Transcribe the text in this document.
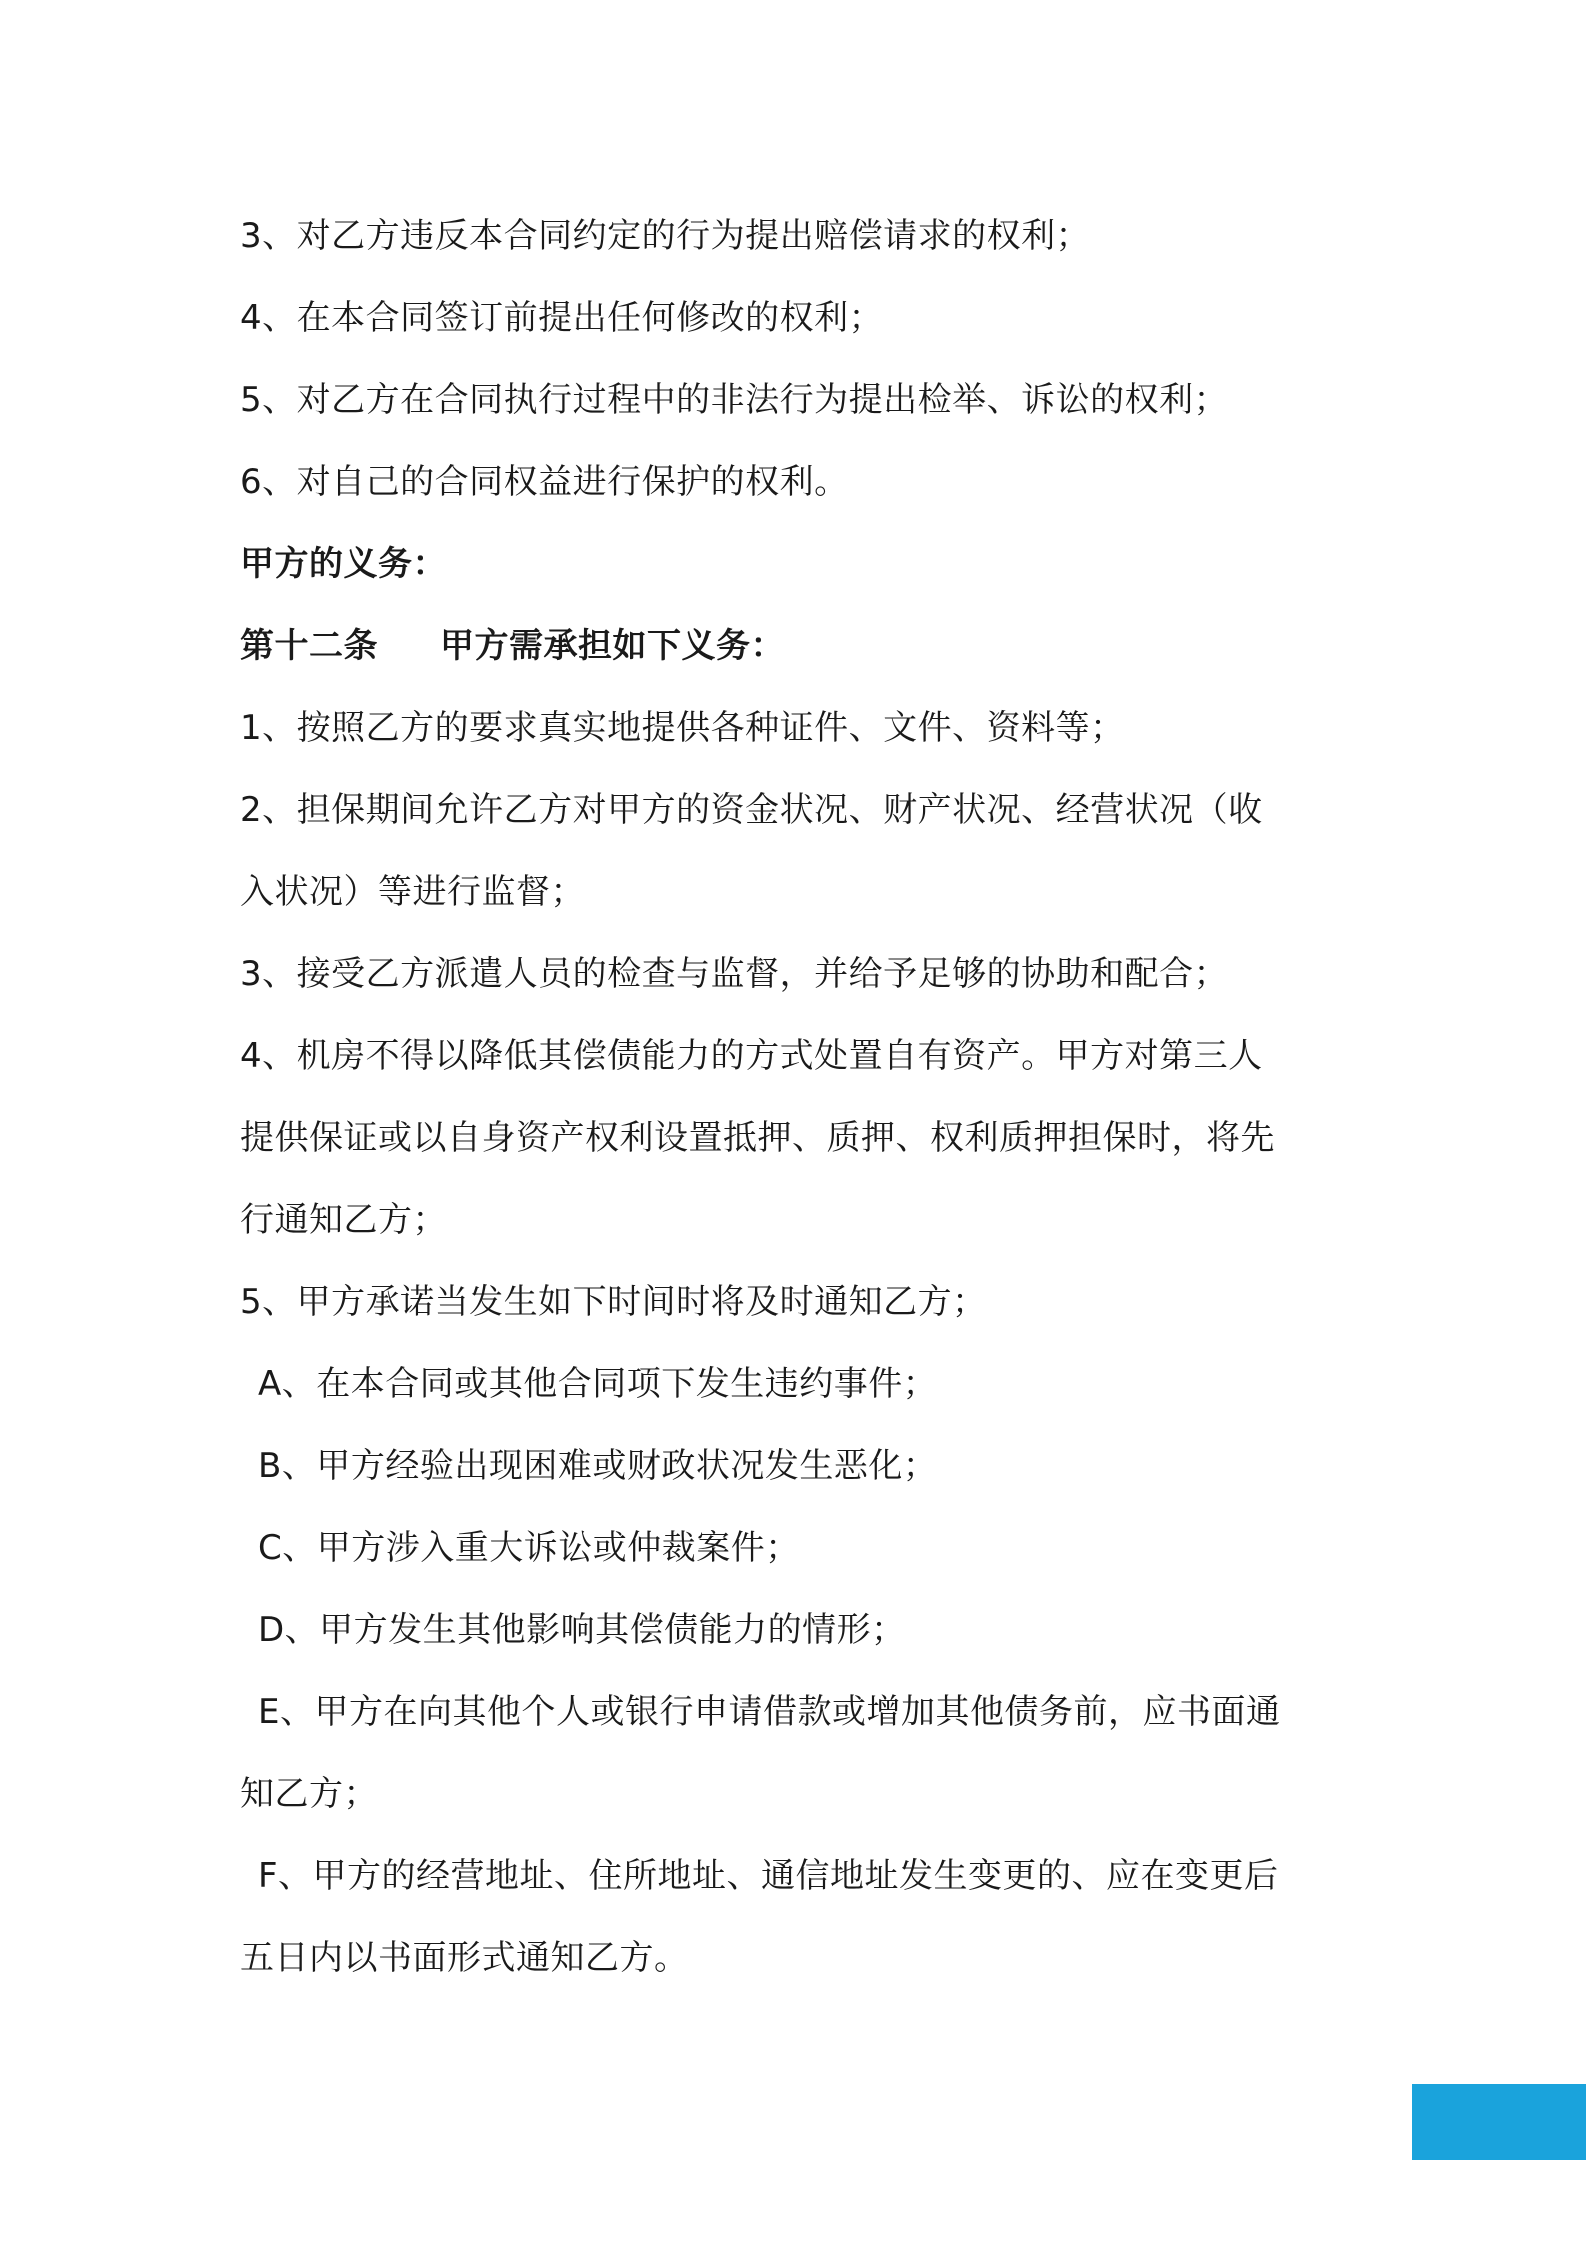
3、对乙方违反本合同约定的行为提出赔偿请求的权利；
4、在本合同签订前提出任何修改的权利；
5、对乙方在合同执行过程中的非法行为提出检举、诉讼的权利；
6、对自己的合同权益进行保护的权利。
甲方的义务：
第十二条 甲方需承担如下义务：
1、按照乙方的要求真实地提供各种证件、文件、资料等；
2、担保期间允许乙方对甲方的资金状况、财产状况、经营状况（收
入状况）等进行监督；
3、接受乙方派遣人员的检查与监督，并给予足够的协助和配合；
4、机房不得以降低其偿债能力的方式处置自有资产。甲方对第三人
提供保证或以自身资产权利设置抵押、质押、权利质押担保时，将先
行通知乙方；
5、甲方承诺当发生如下时间时将及时通知乙方；
A、在本合同或其他合同项下发生违约事件；
B、甲方经验出现困难或财政状况发生恶化；
C、甲方涉入重大诉讼或仲裁案件；
D、甲方发生其他影响其偿债能力的情形；
E、甲方在向其他个人或银行申请借款或增加其他债务前，应书面通
知乙方；
F、甲方的经营地址、住所地址、通信地址发生变更的、应在变更后
五日内以书面形式通知乙方。
